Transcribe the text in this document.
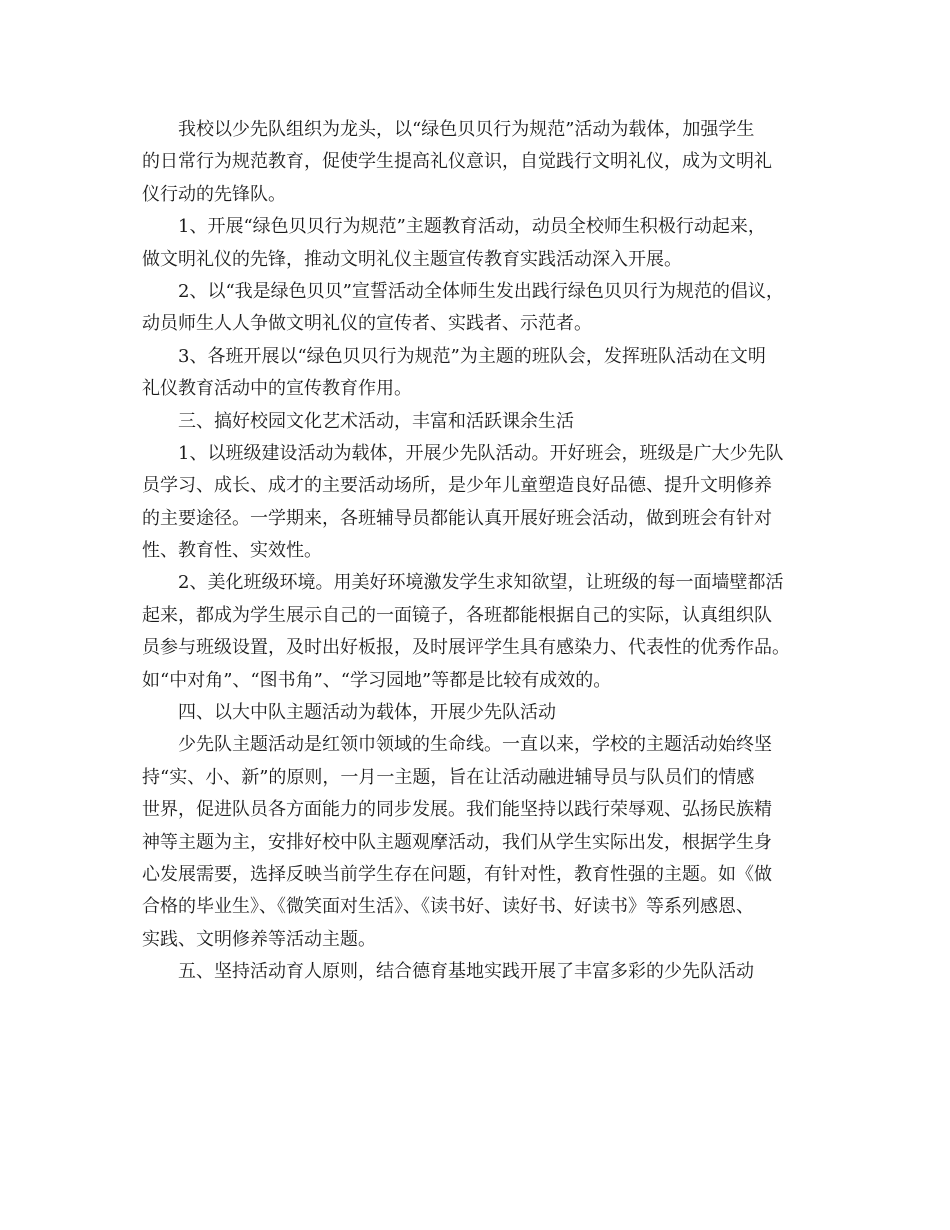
我校以少先队组织为龙头，以“绿色贝贝行为规范”活动为载体，加强学生
的日常行为规范教育，促使学生提高礼仪意识，自觉践行文明礼仪，成为文明礼
仪行动的先锋队。
1、开展“绿色贝贝行为规范”主题教育活动，动员全校师生积极行动起来，
做文明礼仪的先锋，推动文明礼仪主题宣传教育实践活动深入开展。
2、以“我是绿色贝贝”宣誓活动全体师生发出践行绿色贝贝行为规范的倡议，
动员师生人人争做文明礼仪的宣传者、实践者、示范者。
3、各班开展以“绿色贝贝行为规范”为主题的班队会，发挥班队活动在文明
礼仪教育活动中的宣传教育作用。
三、搞好校园文化艺术活动，丰富和活跃课余生活
1、以班级建设活动为载体，开展少先队活动。开好班会，班级是广大少先队
员学习、成长、成才的主要活动场所，是少年儿童塑造良好品德、提升文明修养
的主要途径。一学期来，各班辅导员都能认真开展好班会活动，做到班会有针对
性、教育性、实效性。
2、美化班级环境。用美好环境激发学生求知欲望，让班级的每一面墙壁都活
起来，都成为学生展示自己的一面镜子，各班都能根据自己的实际，认真组织队
员参与班级设置，及时出好板报，及时展评学生具有感染力、代表性的优秀作品。
如“中对角”、“图书角”、“学习园地”等都是比较有成效的。
四、以大中队主题活动为载体，开展少先队活动
少先队主题活动是红领巾领域的生命线。一直以来，学校的主题活动始终坚
持“实、小、新”的原则，一月一主题，旨在让活动融进辅导员与队员们的情感
世界，促进队员各方面能力的同步发展。我们能坚持以践行荣辱观、弘扬民族精
神等主题为主，安排好校中队主题观摩活动，我们从学生实际出发，根据学生身
心发展需要，选择反映当前学生存在问题，有针对性，教育性强的主题。如《做
合格的毕业生》、《微笑面对生活》、《读书好、读好书、好读书》等系列感恩、
实践、文明修养等活动主题。
五、坚持活动育人原则，结合德育基地实践开展了丰富多彩的少先队活动
